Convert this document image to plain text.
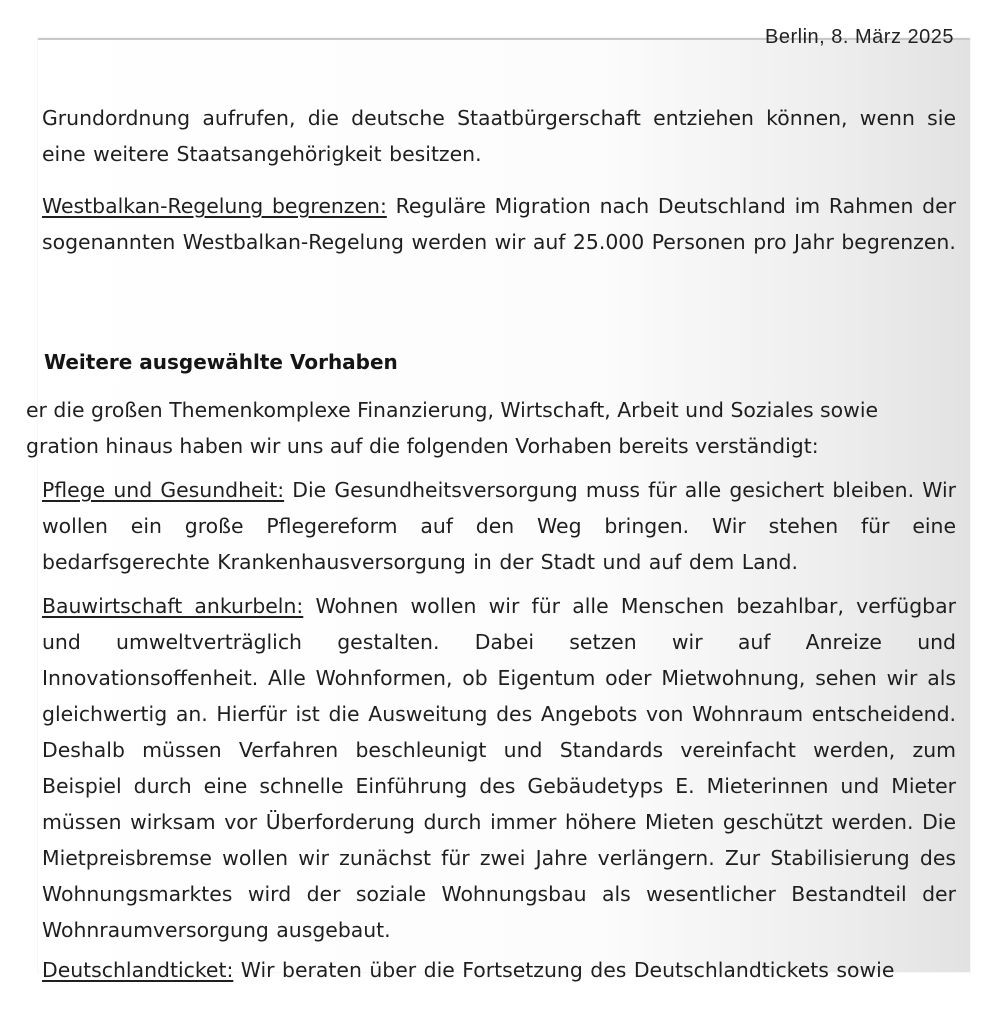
Berlin, 8. März 2025
Grundordnung aufrufen, die deutsche Staatbürgerschaft entziehen können, wenn sie eine weitere Staatsangehörigkeit besitzen.
Westbalkan-Regelung begrenzen: Reguläre Migration nach Deutschland im Rahmen der sogenannten Westbalkan-Regelung werden wir auf 25.000 Personen pro Jahr begrenzen.
Weitere ausgewählte Vorhaben
er die großen Themenkomplexe Finanzierung, Wirtschaft, Arbeit und Soziales sowie
gration hinaus haben wir uns auf die folgenden Vorhaben bereits verständigt:
Pflege und Gesundheit: Die Gesundheitsversorgung muss für alle gesichert bleiben. Wir wollen ein große Pflegereform auf den Weg bringen. Wir stehen für eine bedarfsgerechte Krankenhausversorgung in der Stadt und auf dem Land.
Bauwirtschaft ankurbeln: Wohnen wollen wir für alle Menschen bezahlbar, verfügbar und umweltverträglich gestalten. Dabei setzen wir auf Anreize und Innovationsoffenheit. Alle Wohnformen, ob Eigentum oder Mietwohnung, sehen wir als gleichwertig an. Hierfür ist die Ausweitung des Angebots von Wohnraum entscheidend. Deshalb müssen Verfahren beschleunigt und Standards vereinfacht werden, zum Beispiel durch eine schnelle Einführung des Gebäudetyps E. Mieterinnen und Mieter müssen wirksam vor Überforderung durch immer höhere Mieten geschützt werden. Die Mietpreisbremse wollen wir zunächst für zwei Jahre verlängern. Zur Stabilisierung des Wohnungsmarktes wird der soziale Wohnungsbau als wesentlicher Bestandteil der Wohnraumversorgung ausgebaut.
Deutschlandticket: Wir beraten über die Fortsetzung des Deutschlandtickets sowie
